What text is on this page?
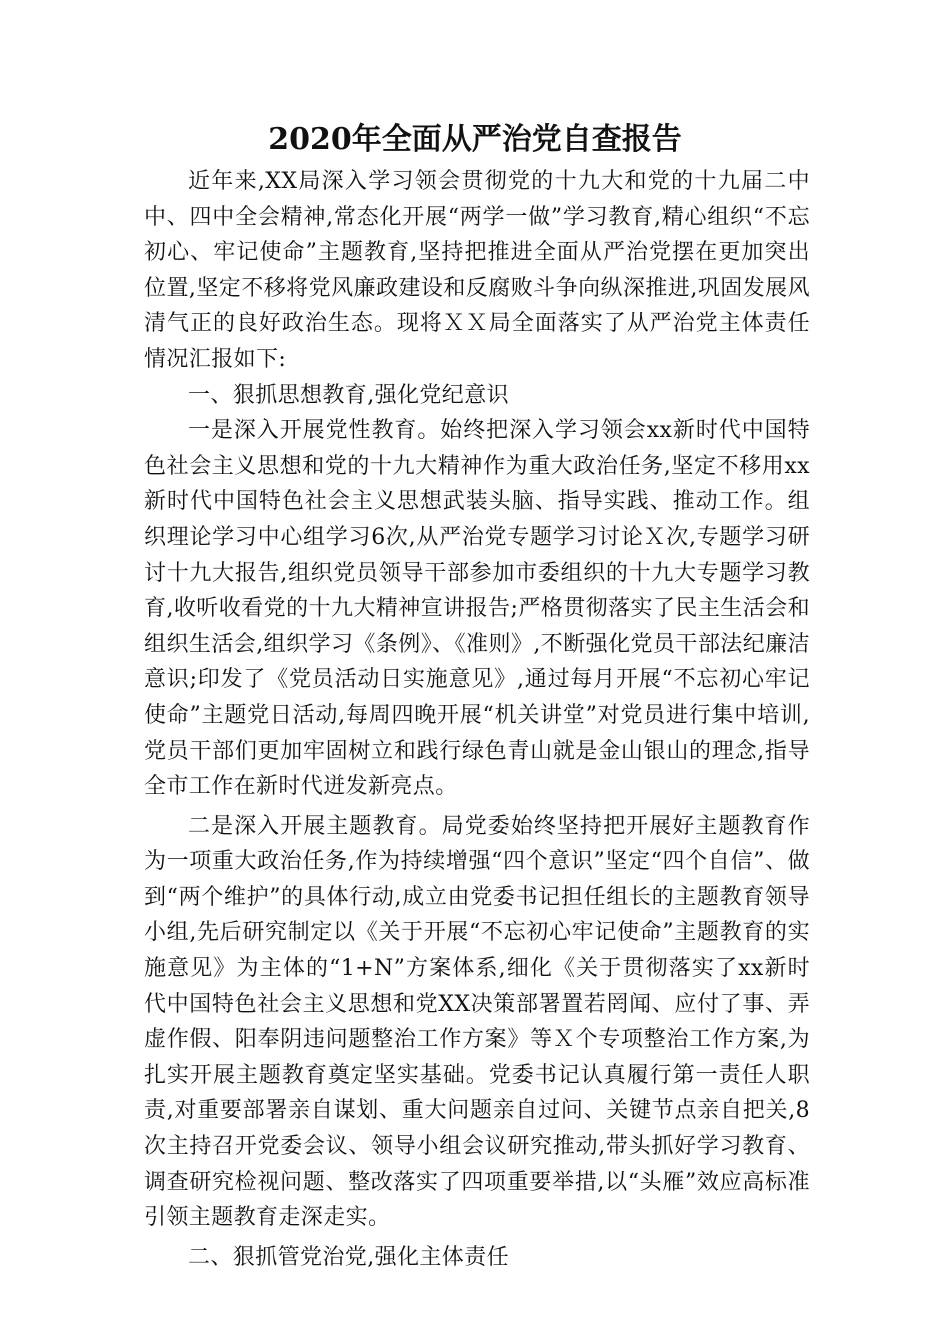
2020年全面从严治党自查报告

近年来,XX局深入学习领会贯彻党的十九大和党的十九届二中中、四中全会精神,常态化开展“两学一做”学习教育,精心组织“不忘初心、牢记使命”主题教育,坚持把推进全面从严治党摆在更加突出位置,坚定不移将党风廉政建设和反腐败斗争向纵深推进,巩固发展风清气正的良好政治生态。现将ＸＸ局全面落实了从严治党主体责任情况汇报如下:

一、狠抓思想教育,强化党纪意识

一是深入开展党性教育。始终把深入学习领会xx新时代中国特色社会主义思想和党的十九大精神作为重大政治任务,坚定不移用xx新时代中国特色社会主义思想武装头脑、指导实践、推动工作。组织理论学习中心组学习6次,从严治党专题学习讨论Ｘ次,专题学习研讨十九大报告,组织党员领导干部参加市委组织的十九大专题学习教育,收听收看党的十九大精神宣讲报告;严格贯彻落实了民主生活会和组织生活会,组织学习《条例》、《准则》,不断强化党员干部法纪廉洁意识;印发了《党员活动日实施意见》,通过每月开展“不忘初心牢记使命”主题党日活动,每周四晚开展“机关讲堂”对党员进行集中培训,党员干部们更加牢固树立和践行绿色青山就是金山银山的理念,指导全市工作在新时代迸发新亮点。

二是深入开展主题教育。局党委始终坚持把开展好主题教育作为一项重大政治任务,作为持续增强“四个意识”坚定“四个自信”、做到“两个维护”的具体行动,成立由党委书记担任组长的主题教育领导小组,先后研究制定以《关于开展“不忘初心牢记使命”主题教育的实施意见》为主体的“1+N”方案体系,细化《关于贯彻落实了xx新时代中国特色社会主义思想和党XX决策部署置若罔闻、应付了事、弄虚作假、阳奉阴违问题整治工作方案》等Ｘ个专项整治工作方案,为扎实开展主题教育奠定坚实基础。党委书记认真履行第一责任人职责,对重要部署亲自谋划、重大问题亲自过问、关键节点亲自把关,8次主持召开党委会议、领导小组会议研究推动,带头抓好学习教育、调查研究检视问题、整改落实了四项重要举措,以“头雁”效应高标准引领主题教育走深走实。

二、狠抓管党治党,强化主体责任
